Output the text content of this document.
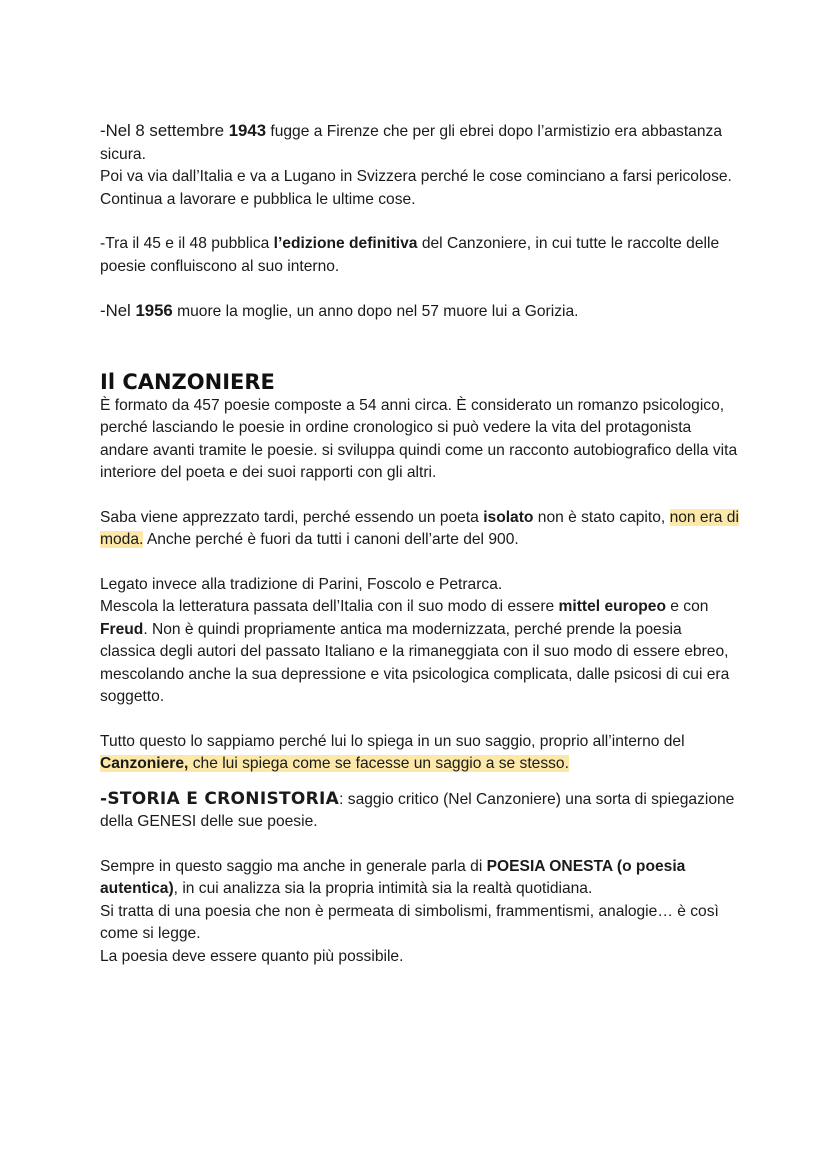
-Nel 8 settembre 1943 fugge a Firenze che per gli ebrei dopo l’armistizio era abbastanza sicura.

Poi va via dall’Italia e va a Lugano in Svizzera perché le cose cominciano a farsi pericolose.

Continua a lavorare e pubblica le ultime cose.

-Tra il 45 e il 48 pubblica l’edizione definitiva del Canzoniere, in cui tutte le raccolte delle poesie confluiscono al suo interno.

-Nel 1956 muore la moglie, un anno dopo nel 57 muore lui a Gorizia.

Il CANZONIERE

È formato da 457 poesie composte a 54 anni circa. È considerato un romanzo psicologico, perché lasciando le poesie in ordine cronologico si può vedere la vita del protagonista andare avanti tramite le poesie. si sviluppa quindi come un racconto autobiografico della vita interiore del poeta e dei suoi rapporti con gli altri.

Saba viene apprezzato tardi, perché essendo un poeta isolato non è stato capito, non era di moda. Anche perché è fuori da tutti i canoni dell’arte del 900.

Legato invece alla tradizione di Parini, Foscolo e Petrarca.

Mescola la letteratura passata dell’Italia con il suo modo di essere mittel europeo e con Freud. Non è quindi propriamente antica ma modernizzata, perché prende la poesia classica degli autori del passato Italiano e la rimaneggiata con il suo modo di essere ebreo, mescolando anche la sua depressione e vita psicologica complicata, dalle psicosi di cui era soggetto.

Tutto questo lo sappiamo perché lui lo spiega in un suo saggio, proprio all’interno del Canzoniere, che lui spiega come se facesse un saggio a se stesso.

-STORIA E CRONISTORIA: saggio critico (Nel Canzoniere) una sorta di spiegazione della GENESI delle sue poesie.

Sempre in questo saggio ma anche in generale parla di POESIA ONESTA (o poesia autentica), in cui analizza sia la propria intimità sia la realtà quotidiana.

Si tratta di una poesia che non è permeata di simbolismi, frammentismi, analogie… è così come si legge.

La poesia deve essere quanto più possibile.
